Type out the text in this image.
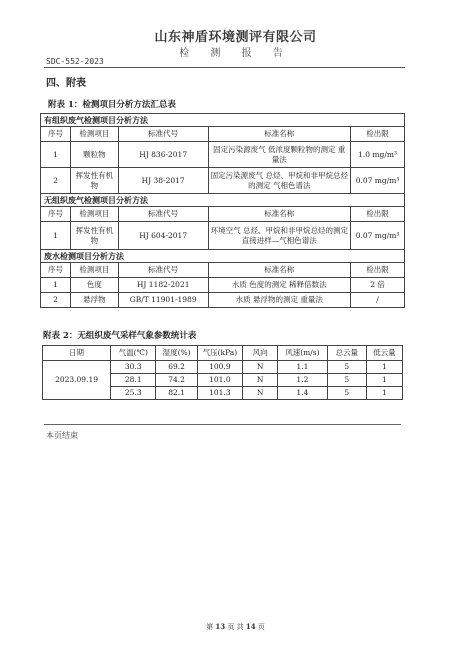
山东神盾环境测评有限公司
检 测 报 告
SDC-552-2023
四、附表
附表 1：检测项目分析方法汇总表
有组织废气检测项目分析方法				
序号	检测项目	标准代号	标准名称	检出限
1	颗粒物	HJ 836-2017	固定污染源废气 低浓度颗粒物的测定 重量法	1.0 mg/m³
2	挥发性有机物	HJ 38-2017	固定污染源废气 总烃、甲烷和非甲烷总烃的测定 气相色谱法	0.07 mg/m³
无组织废气检测项目分析方法				
序号	检测项目	标准代号	标准名称	检出限
1	挥发性有机物	HJ 604-2017	环境空气 总烃、甲烷和非甲烷总烃的测定 直接进样—气相色谱法	0.07 mg/m³
废水检测项目分析方法				
序号	检测项目	标准代号	标准名称	检出限
1	色度	HJ 1182-2021	水质 色度的测定 稀释倍数法	2 倍
2	悬浮物	GB/T 11901-1989	水质 悬浮物的测定 重量法	/
附表 2：无组织废气采样气象参数统计表
日期	气温(℃)	湿度(%)	气压(kPa)	风向	风速(m/s)	总云量	低云量
2023.09.19	30.3	69.2	100.9	N	1.1	5	1
	28.1	74.2	101.0	N	1.2	5	1
	25.3	82.1	101.3	N	1.4	5	1
本页结束
第 13 页 共 14 页
